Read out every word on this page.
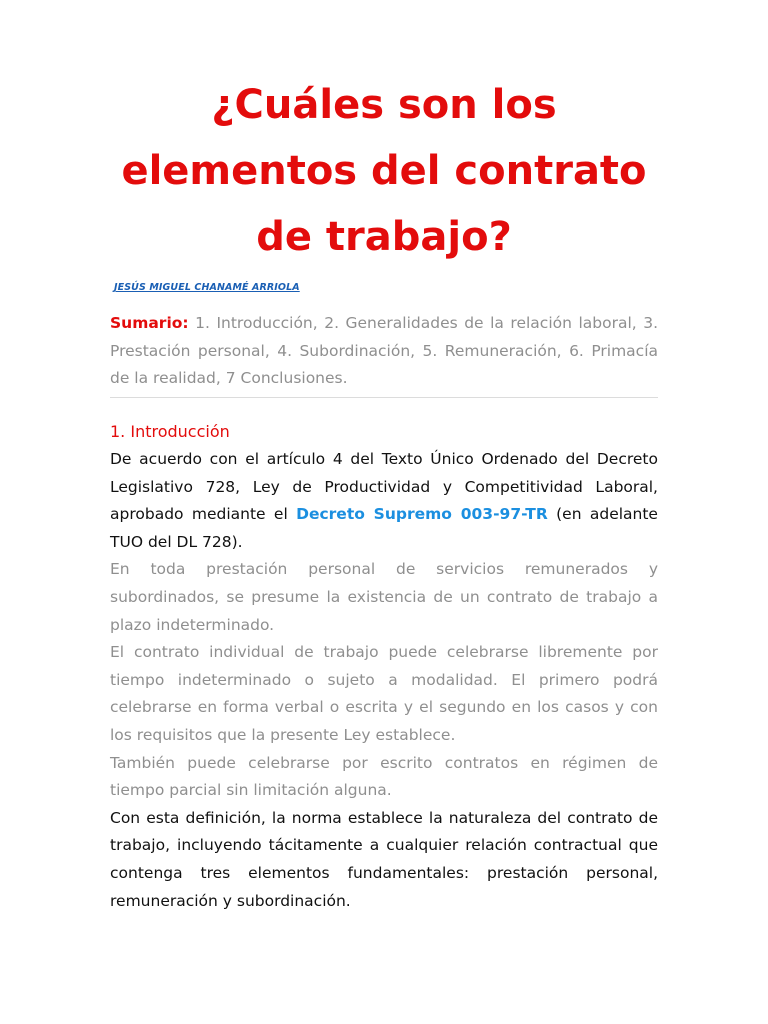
¿Cuáles son los elementos del contrato de trabajo?
JESÚS MIGUEL CHANAMÉ ARRIOLA

Sumario: 1. Introducción, 2. Generalidades de la relación laboral, 3. Prestación personal, 4. Subordinación, 5. Remuneración, 6. Primacía de la realidad, 7 Conclusiones.

1. Introducción

De acuerdo con el artículo 4 del Texto Único Ordenado del Decreto Legislativo 728, Ley de Productividad y Competitividad Laboral, aprobado mediante el Decreto Supremo 003-97-TR (en adelante TUO del DL 728).

En toda prestación personal de servicios remunerados y subordinados, se presume la existencia de un contrato de trabajo a plazo indeterminado.

El contrato individual de trabajo puede celebrarse libremente por tiempo indeterminado o sujeto a modalidad. El primero podrá celebrarse en forma verbal o escrita y el segundo en los casos y con los requisitos que la presente Ley establece.

También puede celebrarse por escrito contratos en régimen de tiempo parcial sin limitación alguna.

Con esta definición, la norma establece la naturaleza del contrato de trabajo, incluyendo tácitamente a cualquier relación contractual que contenga tres elementos fundamentales: prestación personal, remuneración y subordinación.
